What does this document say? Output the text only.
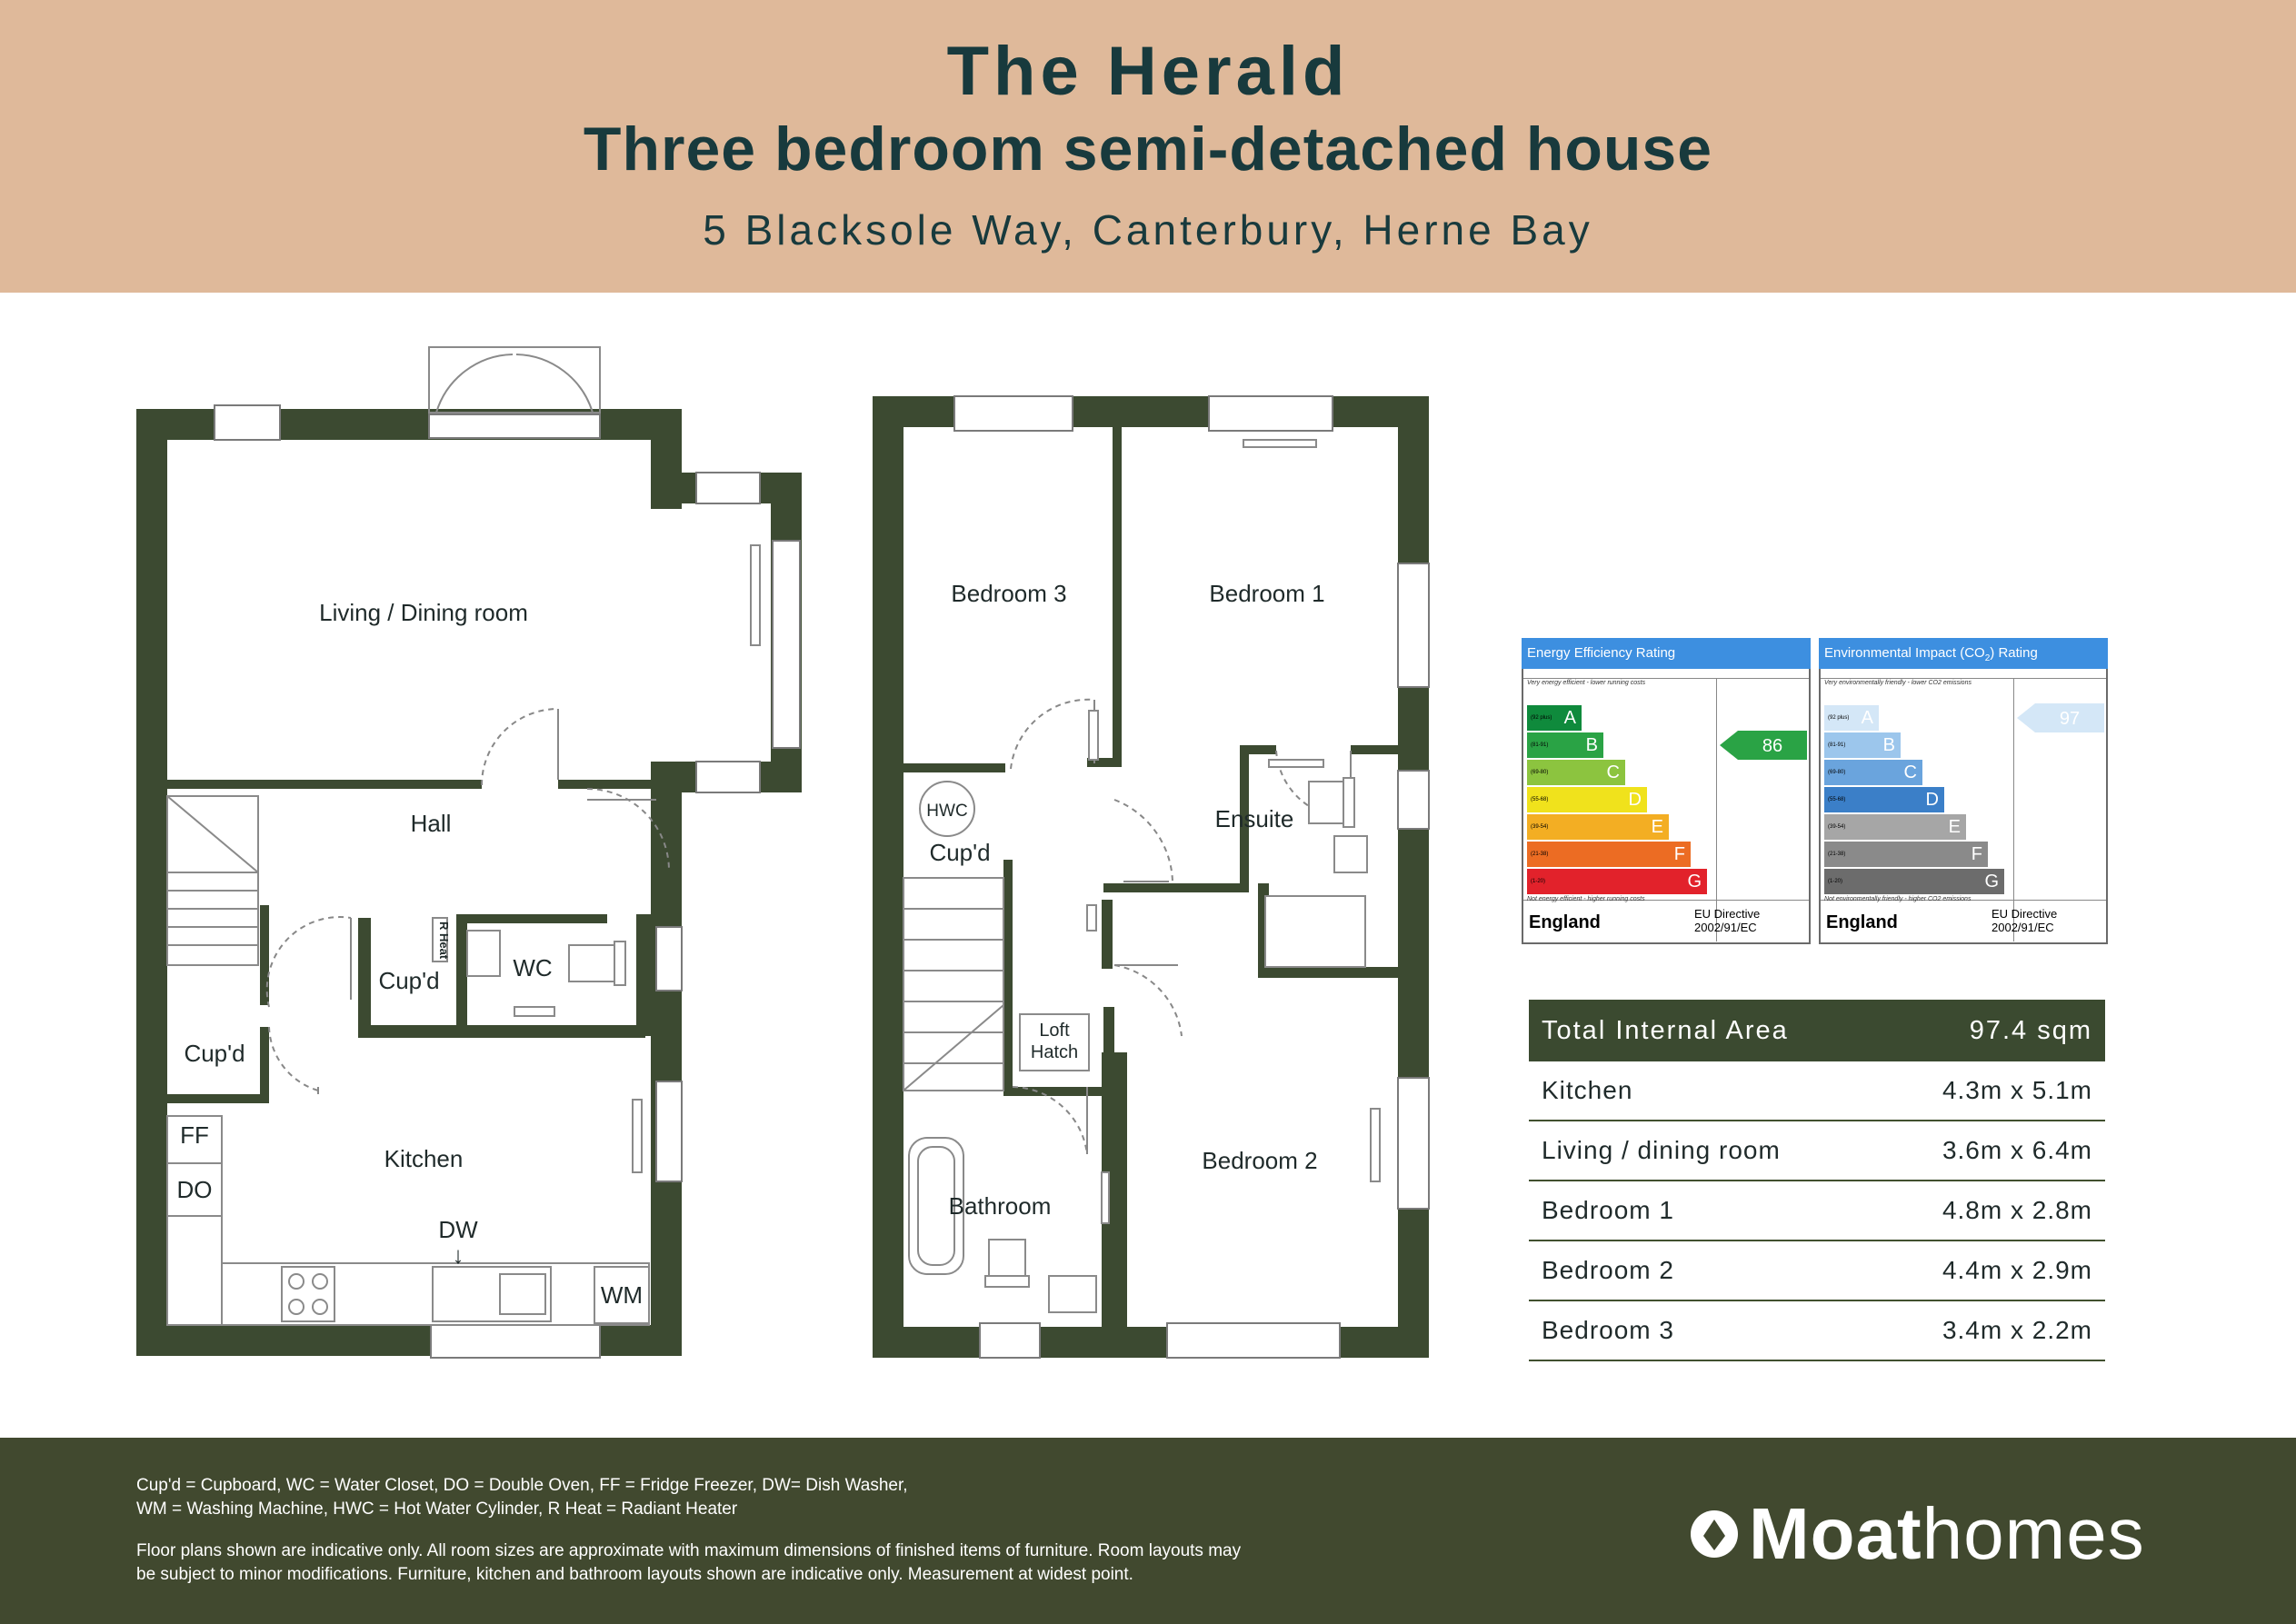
The Herald
Three bedroom semi-detached house
5 Blacksole Way, Canterbury, Herne Bay
Living / Dining room
Hall
Cup'd
Cup'd
WC
Kitchen
FF
DO
DW
↓
WM
Bedroom 3	Bedroom 1
Cup'd
Ensuite
Bathroom
Bedroom 2
HWC
Loft
Hatch
R Heat
Energy Efficiency Rating
Very energy efficient - lower running costs
(92 plus) A
(81-91) B
(69-80)	C
(55-68)	D
(39-54)	E
(21-38)	F
(1-20)	G
Not energy efficient - higher running costs
86
England	EU Directive
2002/91/EC
Environmental Impact $(CO_2)$ Rating
Very environmentally friendly - lower CO2 emissions
(92 plus) A
(81-91) B
(69-80)	C
(55-68)	D
(39-54)	E
(21-38)	F
(1-20)	G
Not environmentally friendly - higher CO2 emissions
97
England	EU Directive
2002/91/EC
Total Internal Area	97.4 sqm
Kitchen	4.3m x 5.1m
Living / dining room	3.6m x 6.4m
Bedroom 1	4.8m x 2.8m
Bedroom 2	4.4m x 2.9m
Bedroom 3	3.4m x 2.2m
Cup'd = Cupboard, WC = Water Closet, DO = Double Oven, FF = Fridge Freezer, DW= Dish Washer,
WM = Washing Machine, HWC = Hot Water Cylinder, R Heat = Radiant Heater
Floor plans shown are indicative only. All room sizes are approximate with maximum dimensions of finished items of furniture. Room layouts may
be subject to minor modifications. Furniture, kitchen and bathroom layouts shown are indicative only. Measurement at widest point.
Moat homes
